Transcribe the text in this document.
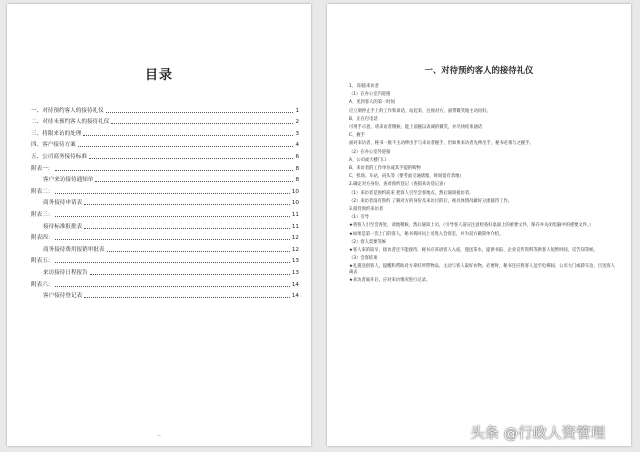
目录
一、对待预约客人的接待礼仪	1
二、对待未预约客人的接待礼仪	2
三、将限来访的处理	3
四、客户接待方案	4
五、公司商务接待标准	6
附表一：	8
客户来访接待通知单	8
附表二：	10
商务接待申请表	10
附表三：	11
接待标准报批表	11
附表四：	12
商务接待费用报销审批表	12
附表五：	13
来访接待日程报告	13
附表六：	14
客户接待登记表	14
—
一、对待预约客人的接待礼仪
1、 阳接来访者
（1）在办公室内迎接
A、见到客人的第一时间
应立刻停止手上的工作和谈话，站起来，注视对方，面带微笑地主动问好。
B、正在打电话
可用手示意，请来访者稍候，能上前握以表诚的微笑，并尽快结束通话
C、握手
面对来访者，秘书一般不主动伸出手与来访者握手，但如果来访者先伸出手，秘书必须与之握手。
（2）在办公室外迎接
A、公司或大楼门口
B、来访者的工作单位或其手提的购物
C、机场、车站、码头等（要考虑交通堵塞，时间留有余地）
2.确定对方身份，查对预约登记（查阅来访登记表）
（1）来访者是预约前来 把客人引至会客地点，然后通知接访者。
（2）来访者没有预约 了解对方的身份及来访目的后，视具体情况做好分流接待工作。
3.接待预约来访者
（1）引导
★将客人引至会客处，请他稍候，然后通知上司。（引导客人前应注意检查好桌面上的重要文件，保存并关闭电脑中的重要文件。）
★如果是第一次上门的客人，秘书将回问上司进入会客室，并为双方做简单介绍。
（2）客人需要等候
★客人来的较早，接访者还不能接待，秘书应该请客人入座，递送茶水，提供书报、企业宣传资料等供客人短暂时间，反告知等候。
（3）会客结束
★礼貌送别客人，提醒和帮助对方拿好所带物品，主动与客人取好衣物。必要时，秘书还应将客人送至电梯间、公司大门或轿车边，目送客人离去
★来访者离开后，应对来访情况进行记录。
头条 @行政人资管理
